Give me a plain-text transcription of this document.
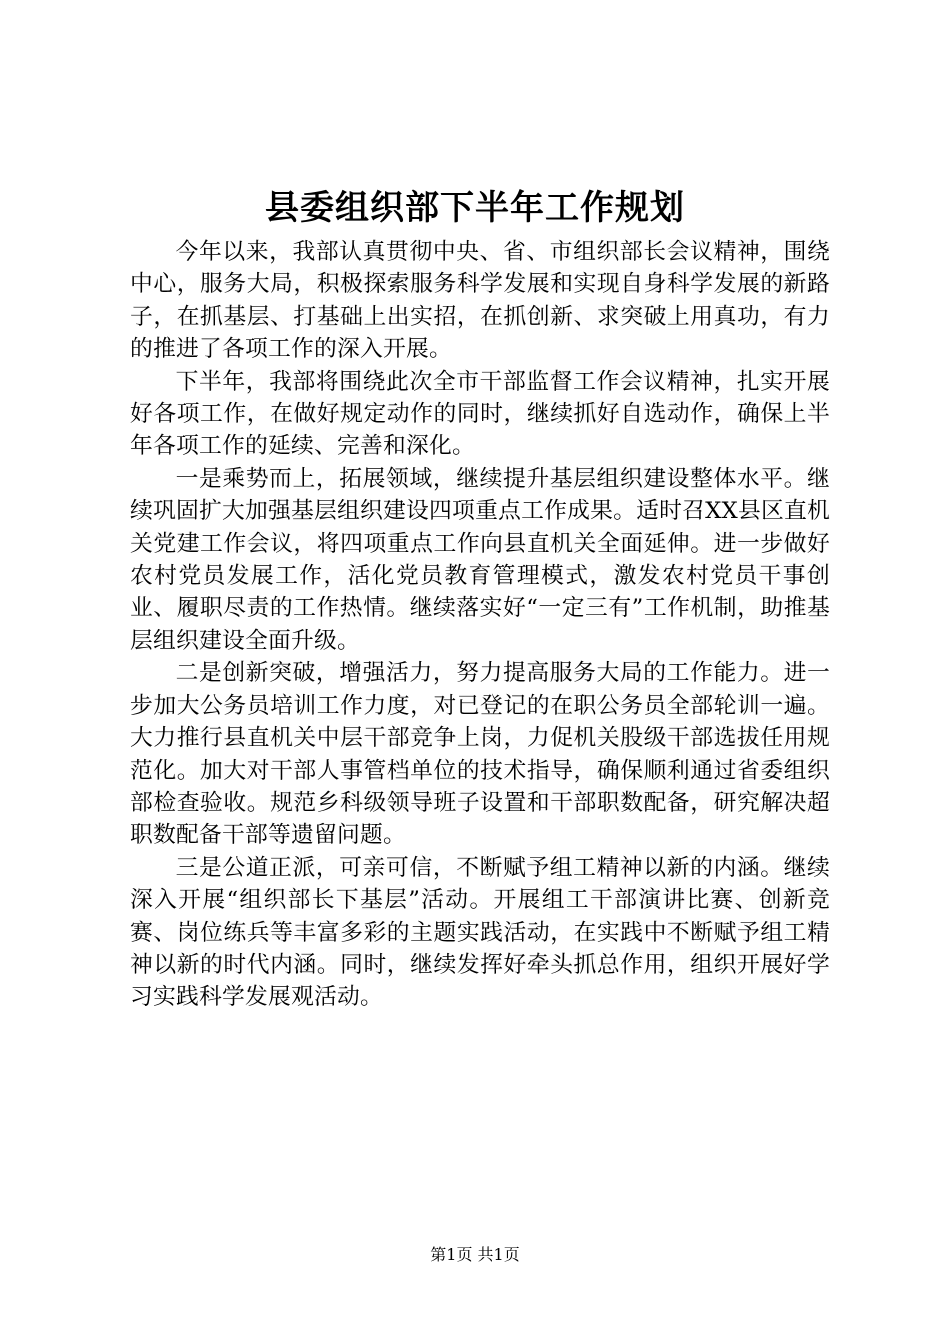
县委组织部下半年工作规划

今年以来，我部认真贯彻中央、省、市组织部长会议精神，围绕中心，服务大局，积极探索服务科学发展和实现自身科学发展的新路子，在抓基层、打基础上出实招，在抓创新、求突破上用真功，有力的推进了各项工作的深入开展。

下半年，我部将围绕此次全市干部监督工作会议精神，扎实开展好各项工作，在做好规定动作的同时，继续抓好自选动作，确保上半年各项工作的延续、完善和深化。

一是乘势而上，拓展领域，继续提升基层组织建设整体水平。继续巩固扩大加强基层组织建设四项重点工作成果。适时召XX县区直机关党建工作会议，将四项重点工作向县直机关全面延伸。进一步做好农村党员发展工作，活化党员教育管理模式，激发农村党员干事创业、履职尽责的工作热情。继续落实好“一定三有”工作机制，助推基层组织建设全面升级。

二是创新突破，增强活力，努力提高服务大局的工作能力。进一步加大公务员培训工作力度，对已登记的在职公务员全部轮训一遍。大力推行县直机关中层干部竞争上岗，力促机关股级干部选拔任用规范化。加大对干部人事管档单位的技术指导，确保顺利通过省委组织部检查验收。规范乡科级领导班子设置和干部职数配备，研究解决超职数配备干部等遗留问题。

三是公道正派，可亲可信，不断赋予组工精神以新的内涵。继续深入开展“组织部长下基层”活动。开展组工干部演讲比赛、创新竞赛、岗位练兵等丰富多彩的主题实践活动，在实践中不断赋予组工精神以新的时代内涵。同时，继续发挥好牵头抓总作用，组织开展好学习实践科学发展观活动。

第1页 共1页
